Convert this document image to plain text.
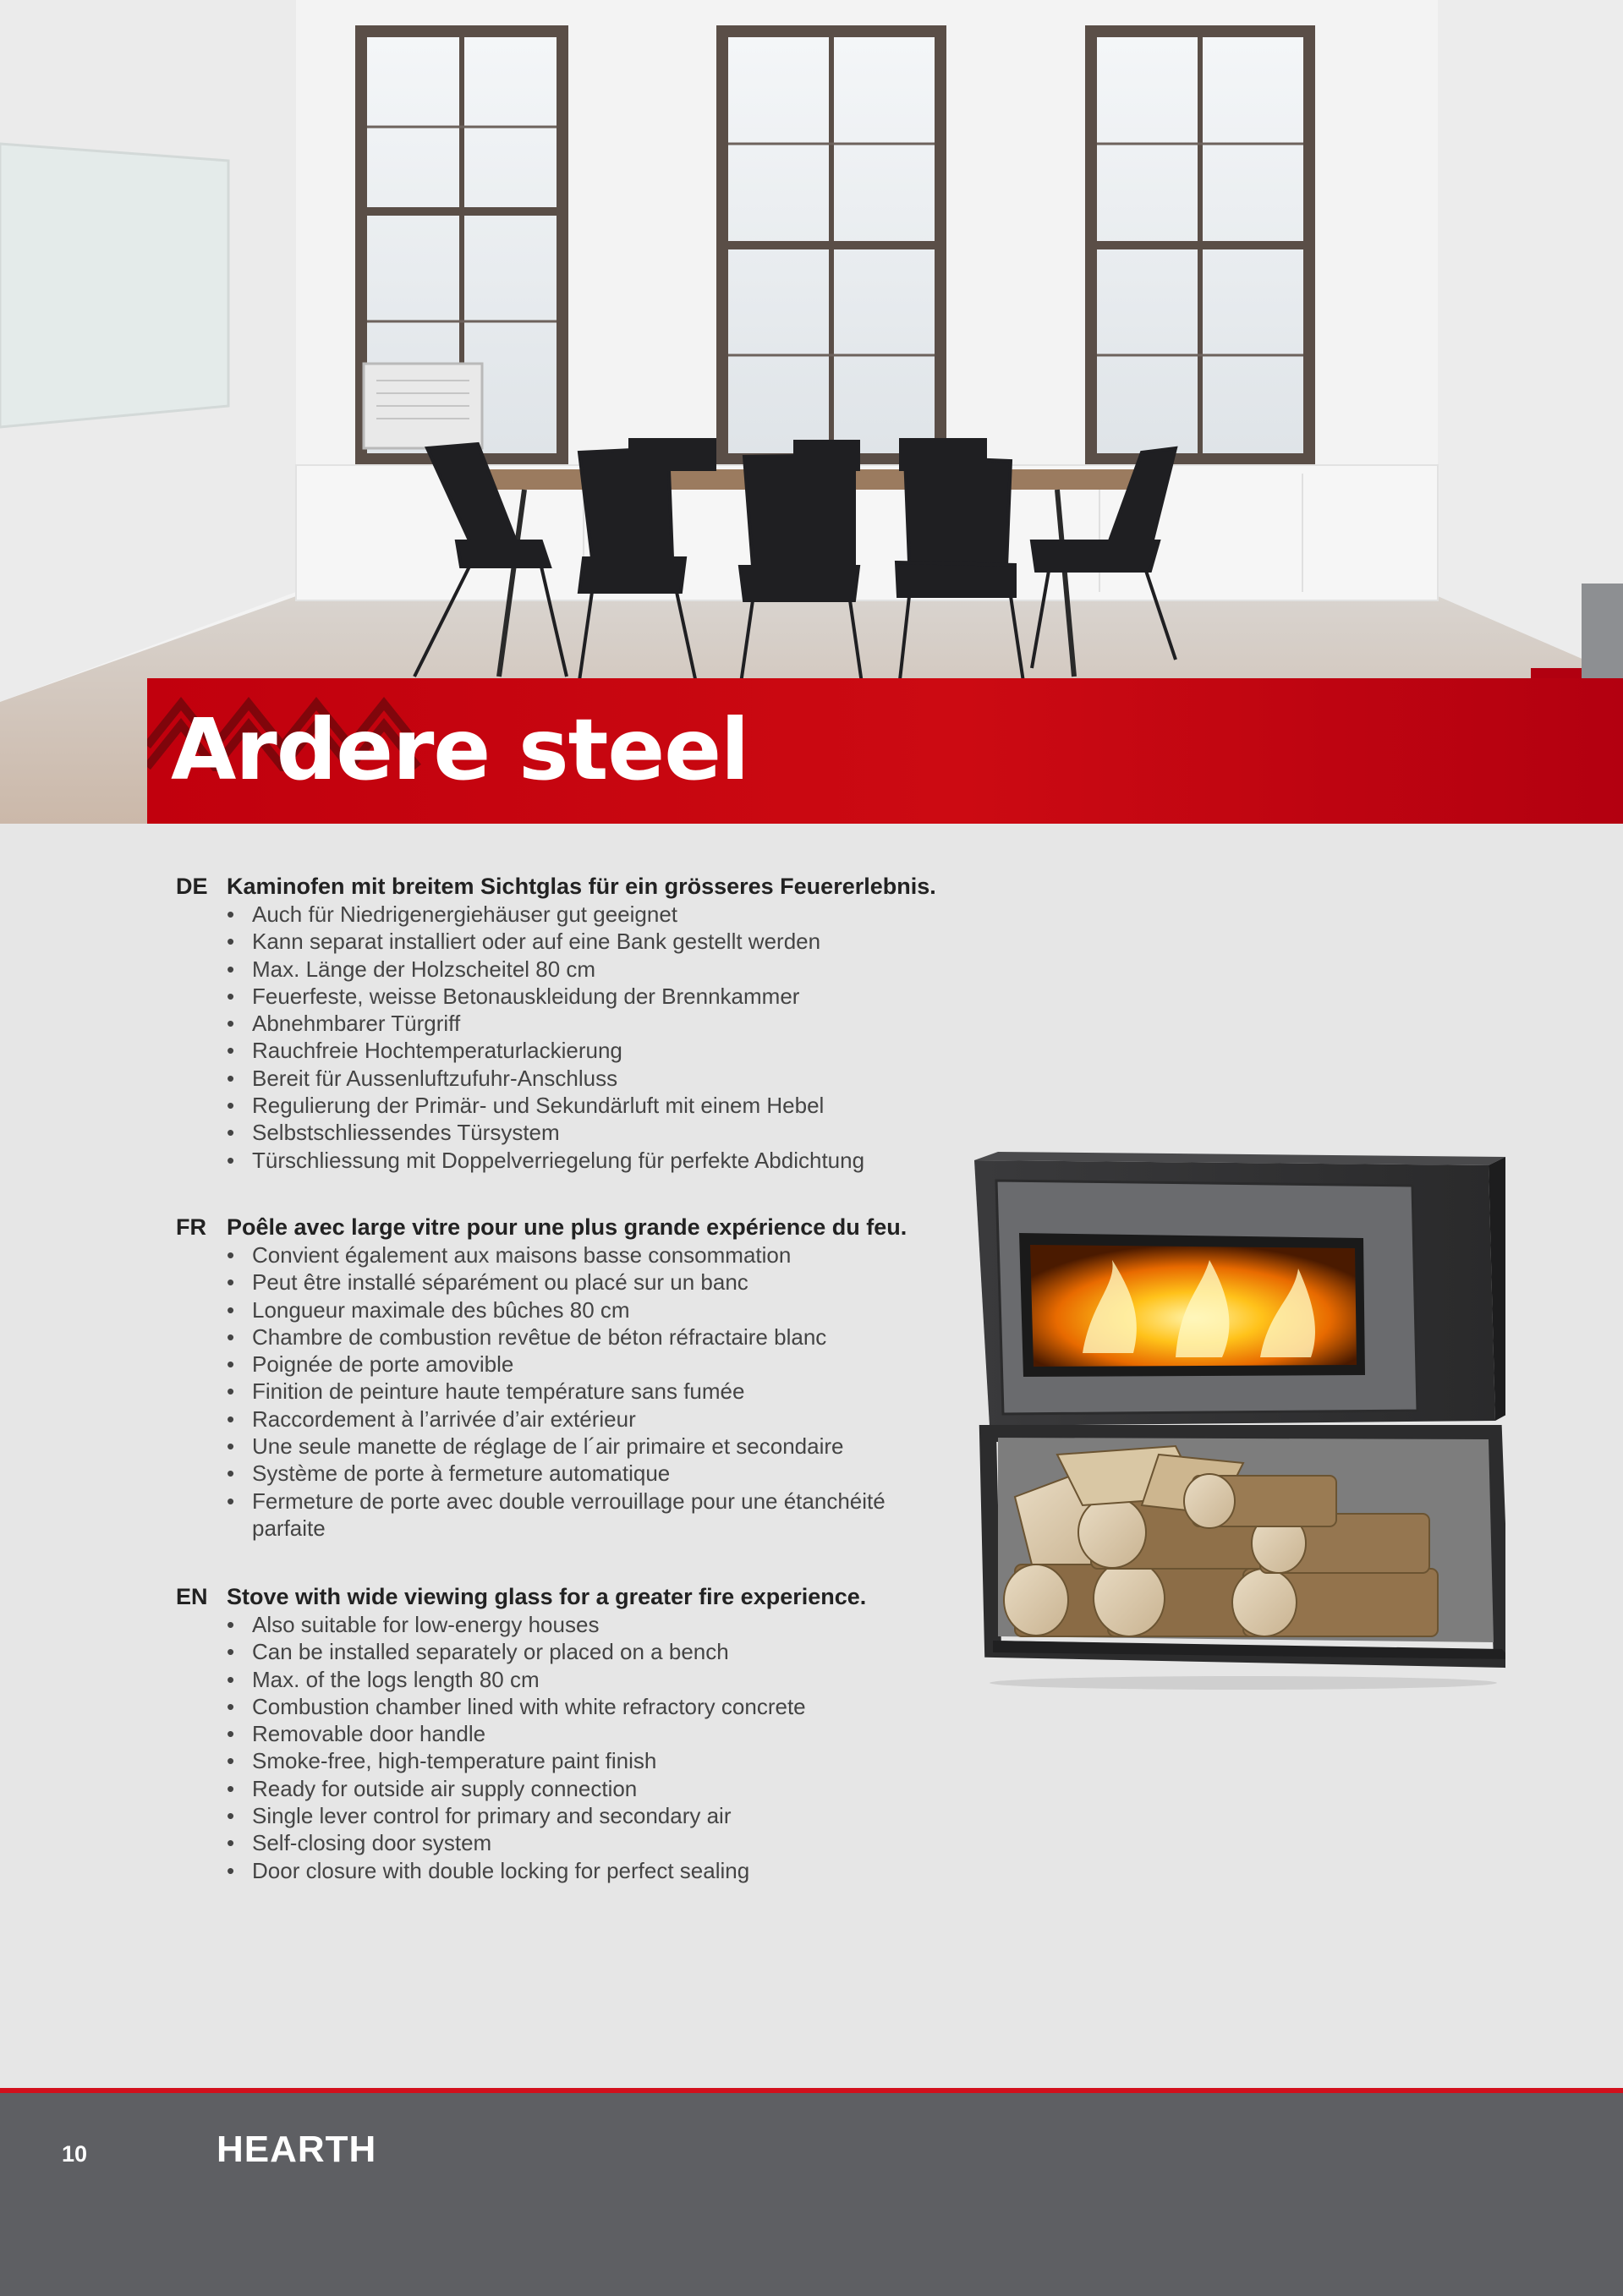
Ardere steel
DE Kaminofen mit breitem Sichtglas für ein grösseres Feuererlebnis.
• Auch für Niedrigenergiehäuser gut geeignet
• Kann separat installiert oder auf eine Bank gestellt werden
• Max. Länge der Holzscheitel 80 cm
• Feuerfeste, weisse Betonauskleidung der Brennkammer
• Abnehmbarer Türgriff
• Rauchfreie Hochtemperaturlackierung
• Bereit für Aussenluftzufuhr-Anschluss
• Regulierung der Primär- und Sekundärluft mit einem Hebel
• Selbstschliessendes Türsystem
• Türschliessung mit Doppelverriegelung für perfekte Abdichtung
FR Poêle avec large vitre pour une plus grande expérience du feu.
• Convient également aux maisons basse consommation
• Peut être installé séparément ou placé sur un banc
• Longueur maximale des bûches 80 cm
• Chambre de combustion revêtue de béton réfractaire blanc
• Poignée de porte amovible
• Finition de peinture haute température sans fumée
• Raccordement à l’arrivée d’air extérieur
• Une seule manette de réglage de l´air primaire et secondaire
• Système de porte à fermeture automatique
• Fermeture de porte avec double verrouillage pour une étanchéité parfaite
EN Stove with wide viewing glass for a greater fire experience.
• Also suitable for low-energy houses
• Can be installed separately or placed on a bench
• Max. of the logs length 80 cm
• Combustion chamber lined with white refractory concrete
• Removable door handle
• Smoke-free, high-temperature paint finish
• Ready for outside air supply connection
• Single lever control for primary and secondary air
• Self-closing door system
• Door closure with double locking for perfect sealing
10	HEARTH
